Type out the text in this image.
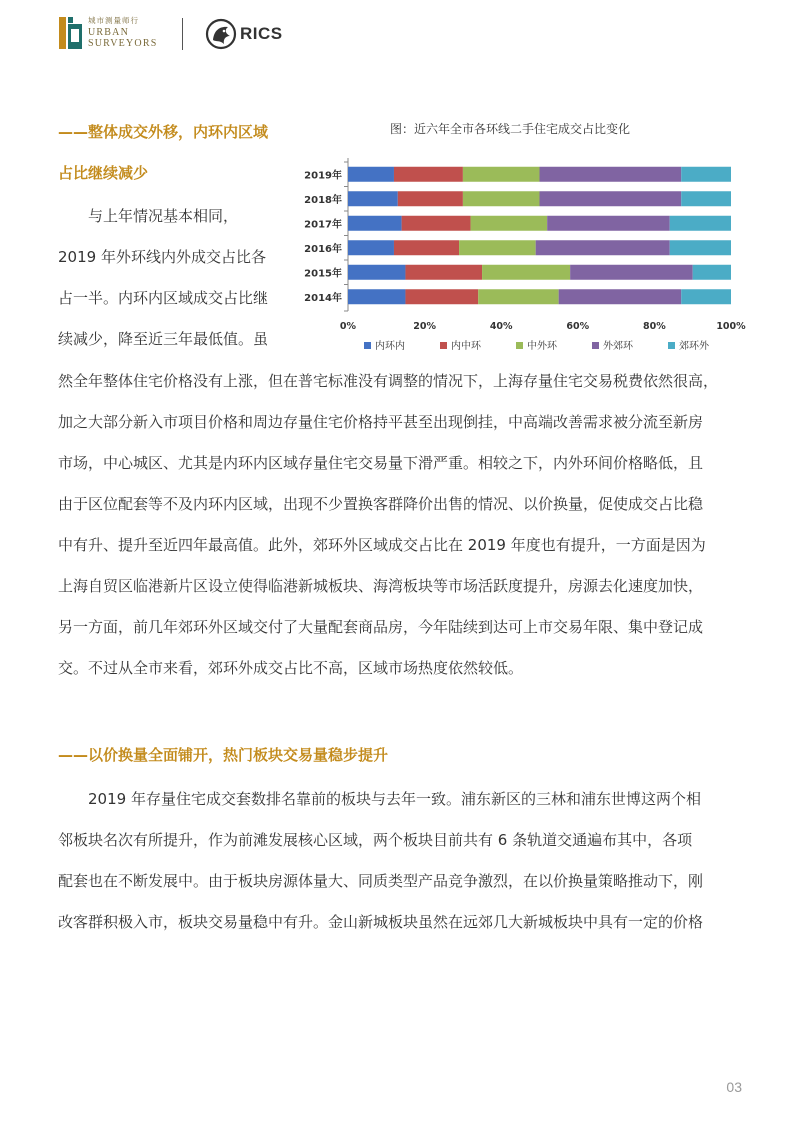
城市测量师行
URBAN
SURVEYORS	RICS
——整体成交外移，内环内区域
占比继续减少
　　与上年情况基本相同，
2019 年外环线内外成交占比各
占一半。内环内区域成交占比继
续减少，降至近三年最低值。虽
图：近六年全市各环线二手住宅成交占比变化
2019年
2018年
2017年
2016年
2015年
2014年
0%	20%	40%	60%	80%	100%
内环内	内中环	中外环	外郊环	郊环外
然全年整体住宅价格没有上涨，但在普宅标准没有调整的情况下，上海存量住宅交易税费依然很高，
加之大部分新入市项目价格和周边存量住宅价格持平甚至出现倒挂，中高端改善需求被分流至新房
市场，中心城区、尤其是内环内区域存量住宅交易量下滑严重。相较之下，内外环间价格略低，且
由于区位配套等不及内环内区域，出现不少置换客群降价出售的情况、以价换量，促使成交占比稳
中有升、提升至近四年最高值。此外，郊环外区域成交占比在 2019 年度也有提升，一方面是因为
上海自贸区临港新片区设立使得临港新城板块、海湾板块等市场活跃度提升，房源去化速度加快，
另一方面，前几年郊环外区域交付了大量配套商品房，今年陆续到达可上市交易年限、集中登记成
交。不过从全市来看，郊环外成交占比不高，区域市场热度依然较低。
——以价换量全面铺开，热门板块交易量稳步提升
　　2019 年存量住宅成交套数排名靠前的板块与去年一致。浦东新区的三林和浦东世博这两个相
邻板块名次有所提升，作为前滩发展核心区域，两个板块目前共有 6 条轨道交通遍布其中，各项
配套也在不断发展中。由于板块房源体量大、同质类型产品竞争激烈，在以价换量策略推动下，刚
改客群积极入市，板块交易量稳中有升。金山新城板块虽然在远郊几大新城板块中具有一定的价格
03
